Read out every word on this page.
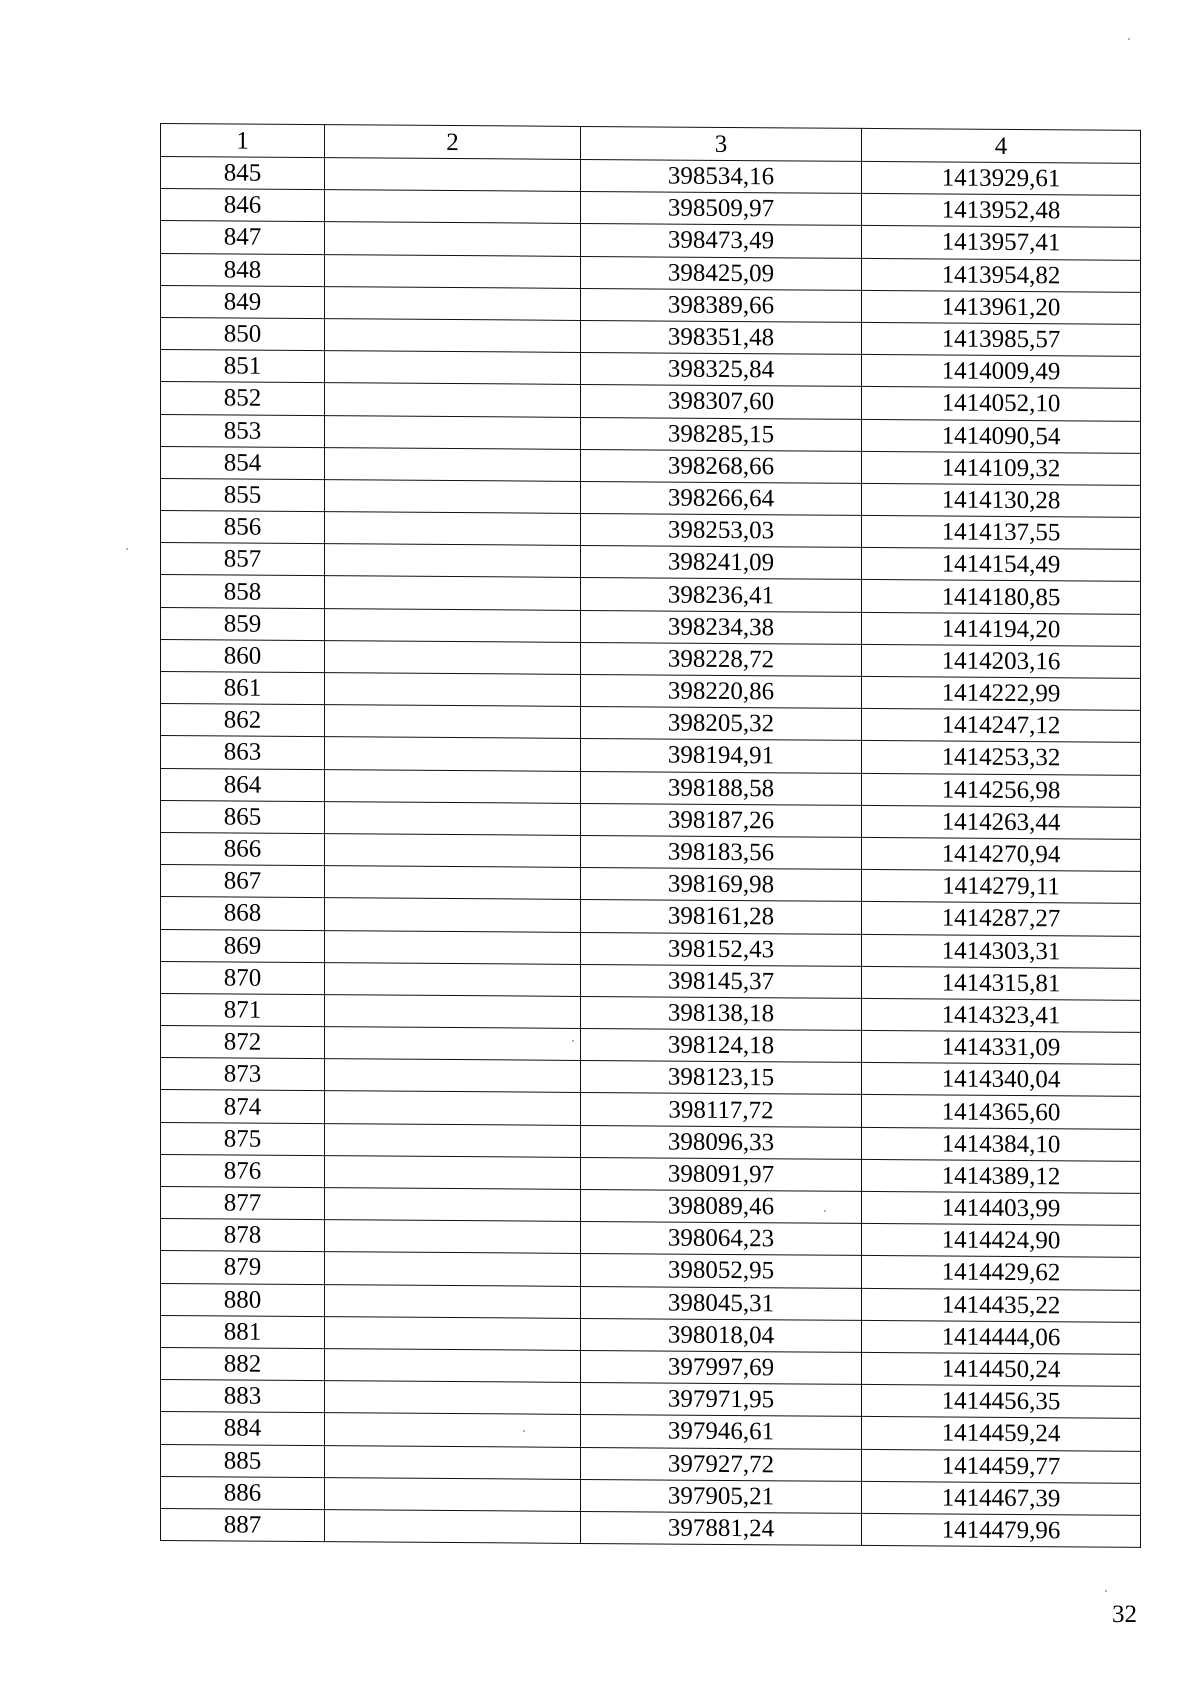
1	2	3	4
845		398534,16	1413929,61
846		398509,97	1413952,48
847		398473,49	1413957,41
848		398425,09	1413954,82
849		398389,66	1413961,20
850		398351,48	1413985,57
851		398325,84	1414009,49
852		398307,60	1414052,10
853		398285,15	1414090,54
854		398268,66	1414109,32
855		398266,64	1414130,28
856		398253,03	1414137,55
857		398241,09	1414154,49
858		398236,41	1414180,85
859		398234,38	1414194,20
860		398228,72	1414203,16
861		398220,86	1414222,99
862		398205,32	1414247,12
863		398194,91	1414253,32
864		398188,58	1414256,98
865		398187,26	1414263,44
866		398183,56	1414270,94
867		398169,98	1414279,11
868		398161,28	1414287,27
869		398152,43	1414303,31
870		398145,37	1414315,81
871		398138,18	1414323,41
872		398124,18	1414331,09
873		398123,15	1414340,04
874		398117,72	1414365,60
875		398096,33	1414384,10
876		398091,97	1414389,12
877		398089,46	1414403,99
878		398064,23	1414424,90
879		398052,95	1414429,62
880		398045,31	1414435,22
881		398018,04	1414444,06
882		397997,69	1414450,24
883		397971,95	1414456,35
884		397946,61	1414459,24
885		397927,72	1414459,77
886		397905,21	1414467,39
887		397881,24	1414479,96
32
